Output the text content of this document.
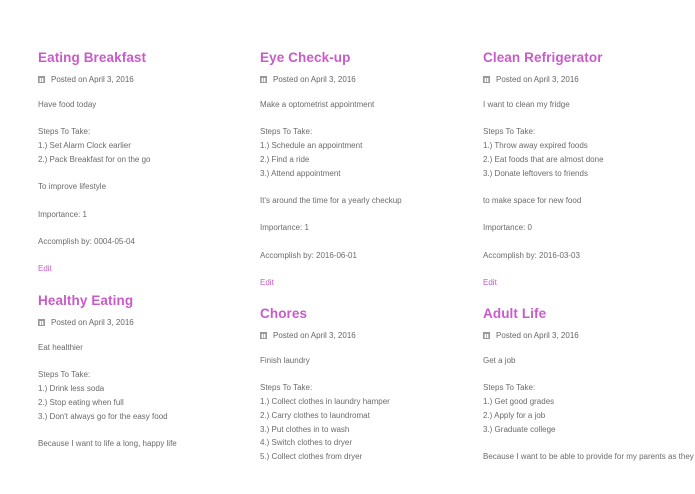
Eating Breakfast
Posted on April 3, 2016

Have food today

Steps To Take:

1.) Set Alarm Clock earlier

2.) Pack Breakfast for on the go

To improve lifestyle

Importance: 1

Accomplish by: 0004-05-04

Edit
Eye Check-up
Posted on April 3, 2016

Make a optometrist appointment

Steps To Take:

1.) Schedule an appointment

2.) Find a ride

3.) Attend appointment

It's around the time for a yearly checkup

Importance: 1

Accomplish by: 2016-06-01

Edit
Clean Refrigerator
Posted on April 3, 2016

I want to clean my fridge

Steps To Take:

1.) Throw away expired foods

2.) Eat foods that are almost done

3.) Donate leftovers to friends

to make space for new food

Importance: 0

Accomplish by: 2016-03-03

Edit
Healthy Eating
Posted on April 3, 2016

Eat healthier

Steps To Take:

1.) Drink less soda

2.) Stop eating when full

3.) Don't always go for the easy food

Because I want to life a long, happy life

Chores
Posted on April 3, 2016

Finish laundry

Steps To Take:

1.) Collect clothes in laundry hamper

2.) Carry clothes to laundromat

3.) Put clothes in to wash

4.) Switch clothes to dryer

5.) Collect clothes from dryer

Adult Life
Posted on April 3, 2016

Get a job

Steps To Take:

1.) Get good grades

2.) Apply for a job

3.) Graduate college

Because I want to be able to provide for my parents as they
